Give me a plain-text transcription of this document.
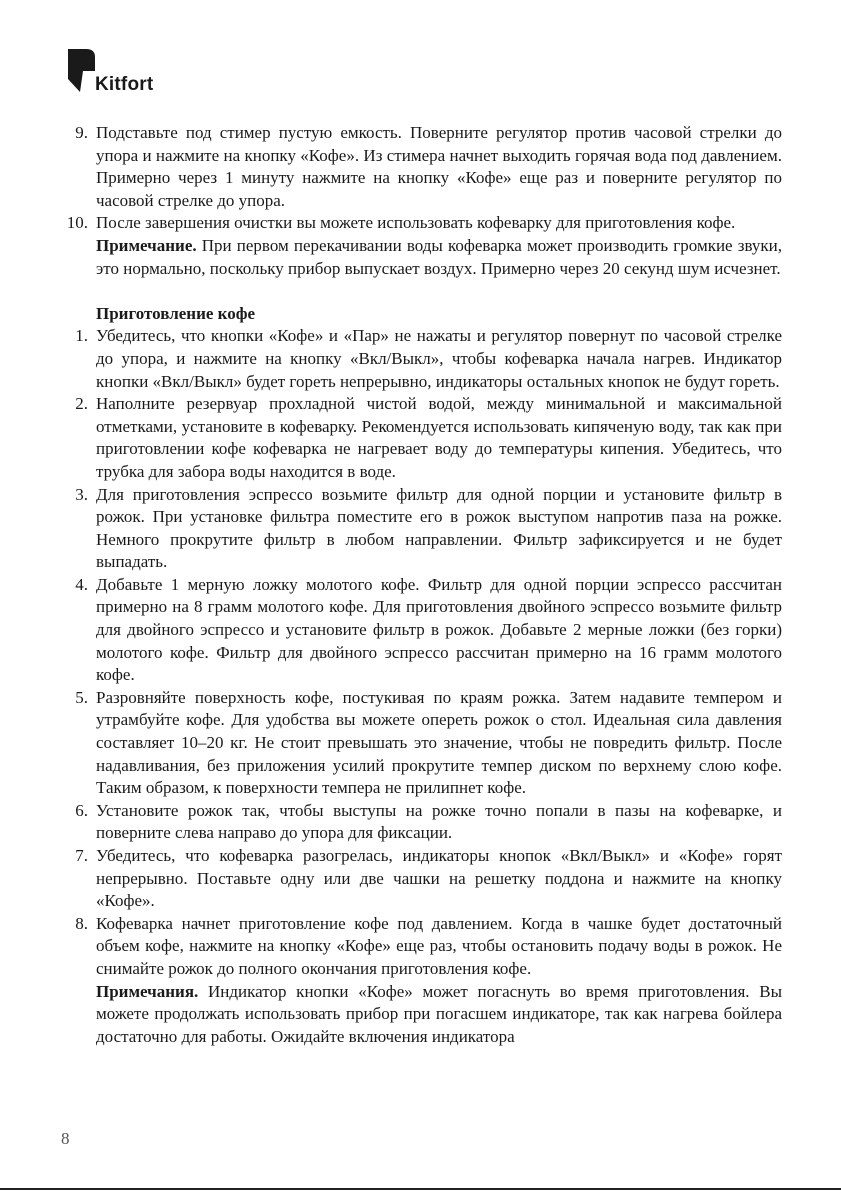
Kitfort
9. Подставьте под стимер пустую емкость. Поверните регулятор против часовой стрелки до упора и нажмите на кнопку «Кофе». Из стимера начнет выходить горячая вода под давлением. Примерно через 1 минуту нажмите на кнопку «Кофе» еще раз и поверните регулятор по часовой стрелке до упора.
10. После завершения очистки вы можете использовать кофеварку для приготовления кофе.
Примечание. При первом перекачивании воды кофеварка может производить громкие звуки, это нормально, поскольку прибор выпускает воздух. Примерно через 20 секунд шум исчезнет.
Приготовление кофе
1. Убедитесь, что кнопки «Кофе» и «Пар» не нажаты и регулятор повернут по часовой стрелке до упора, и нажмите на кнопку «Вкл/Выкл», чтобы кофеварка начала нагрев. Индикатор кнопки «Вкл/Выкл» будет гореть непрерывно, индикаторы остальных кнопок не будут гореть.
2. Наполните резервуар прохладной чистой водой, между минимальной и максимальной отметками, установите в кофеварку. Рекомендуется использовать кипяченую воду, так как при приготовлении кофе кофеварка не нагревает воду до температуры кипения. Убедитесь, что трубка для забора воды находится в воде.
3. Для приготовления эспрессо возьмите фильтр для одной порции и установите фильтр в рожок. При установке фильтра поместите его в рожок выступом напротив паза на рожке. Немного прокрутите фильтр в любом направлении. Фильтр зафиксируется и не будет выпадать.
4. Добавьте 1 мерную ложку молотого кофе. Фильтр для одной порции эспрессо рассчитан примерно на 8 грамм молотого кофе. Для приготовления двойного эспрессо возьмите фильтр для двойного эспрессо и установите фильтр в рожок. Добавьте 2 мерные ложки (без горки) молотого кофе. Фильтр для двойного эспрессо рассчитан примерно на 16 грамм молотого кофе.
5. Разровняйте поверхность кофе, постукивая по краям рожка. Затем надавите темпером и утрамбуйте кофе. Для удобства вы можете опереть рожок о стол. Идеальная сила давления составляет 10–20 кг. Не стоит превышать это значение, чтобы не повредить фильтр. После надавливания, без приложения усилий прокрутите темпер диском по верхнему слою кофе. Таким образом, к поверхности темпера не прилипнет кофе.
6. Установите рожок так, чтобы выступы на рожке точно попали в пазы на кофеварке, и поверните слева направо до упора для фиксации.
7. Убедитесь, что кофеварка разогрелась, индикаторы кнопок «Вкл/Выкл» и «Кофе» горят непрерывно. Поставьте одну или две чашки на решетку поддона и нажмите на кнопку «Кофе».
8. Кофеварка начнет приготовление кофе под давлением. Когда в чашке будет достаточный объем кофе, нажмите на кнопку «Кофе» еще раз, чтобы остановить подачу воды в рожок. Не снимайте рожок до полного окончания приготовления кофе.
Примечания. Индикатор кнопки «Кофе» может погаснуть во время приготовления. Вы можете продолжать использовать прибор при погасшем индикаторе, так как нагрева бойлера достаточно для работы. Ожидайте включения индикатора
8
